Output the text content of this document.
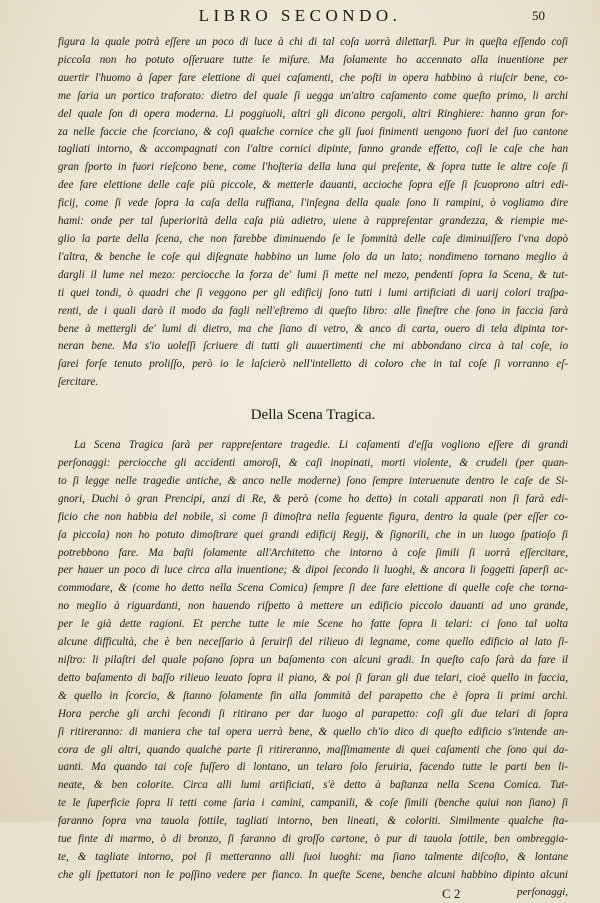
LIBRO SECONDO.	50
figura la quale potrà eſſere un poco di luce à chi di tal coſa uorrà dilettarſi. Pur in queſta eſſendo coſi
piccola non ho potuto oſſeruare tutte le miſure. Ma ſolamente ho accennato alla inuentione per
auertir l'huomo à ſaper fare elettione di quei caſamenti, che poſti in opera habbino à riuſcir bene, co-
me ſaria un portico traforato: dietro del quale ſi uegga un'altro caſamento come queſto primo, li archi
del quale ſon di opera moderna. Li poggiuoli, altri gli dicono pergoli, altri Ringhiere: hanno gran for-
za nelle faccie che ſcorciano, & coſi qualche cornice che gli ſuoi finimenti uengono fuori del ſuo cantone
tagliati intorno, & accompagnati con l'altre cornici dipinte, fanno grande effetto, coſi le caſe che han
gran ſporto in fuori rieſcono bene, come l'hoſteria della luna qui preſente, & ſopra tutte le altre coſe ſi
dee fare elettione delle caſe più piccole, & metterle dauanti, accioche ſopra eſſe ſi ſcuoprono altri edi-
ficij, come ſi vede ſopra la caſa della ruffiana, l'inſegna della quale ſono li rampini, ò vogliamo dire
hami: onde per tal ſuperiorità della caſa più adietro, uiene à rappreſentar grandezza, & riempie me-
glio la parte della ſcena, che non farebbe diminuendo ſe le ſommità delle caſe diminuiſſero l'vna dopò
l'altra, & benche le coſe qui diſegnate habbino un lume ſolo da un lato; nondimeno tornano meglio à
dargli il lume nel mezo: perciocche la forza de' lumi ſi mette nel mezo, pendenti ſopra la Scena, & tut-
ti quei tondi, ò quadri che ſi veggono per gli edificij ſono tutti i lumi artificiati di uarij colori traſpa-
renti, de i quali darò il modo da fagli nell'eſtremo di queſto libro: alle fineſtre che ſono in faccia ſarà
bene à mettergli de' lumi di dietro, ma che ſiano di vetro, & anco di carta, ouero di tela dipinta tor-
neran bene. Ma s'io uoleſſi ſcriuere di tutti gli auuertimenti che mi abbondano circa à tal coſe, io
ſarei forſe tenuto proliſſo, però io le laſcierò nell'intelletto di coloro che in tal coſe ſi vorranno eſ-
ſercitare.
Della Scena Tragica.
La Scena Tragica ſarà per rappreſentare tragedie. Li caſamenti d'eſſa vogliono eſſere di grandi
perſonaggi: perciocche gli accidenti amoroſi, & caſi inopinati, morti violente, & crudeli (per quan-
to ſi legge nelle tragedie antiche, & anco nelle moderne) ſono ſempre interuenute dentro le caſe de Si-
gnori, Duchi ò gran Prencipi, anzi di Re, & però (come ho detto) in cotali apparati non ſi farà edi-
ficio che non habbia del nobile, sì come ſi dimoſtra nella ſeguente figura, dentro la quale (per eſſer co-
ſa piccola) non ho potuto dimoſtrare quei grandi edificij Regij, & ſignorili, che in un luogo ſpatioſo ſi
potrebbono fare. Ma baſti ſolamente all'Architetto che intorno à coſe ſimili ſi uorrà eſſercitare,
per hauer un poco di luce circa alla inuentione; & dipoi ſecondo li luoghi, & ancora li ſoggetti ſaperſi ac-
commodare, & (come ho detto nella Scena Comica) ſempre ſi dee fare elettione di quelle coſe che torna-
no meglio à riguardanti, non hauendo riſpetto à mettere un edificio piccolo dauanti ad uno grande,
per le già dette ragioni. Et perche tutte le mie Scene ho fatte ſopra li telari: ci ſono tal uolta
alcune difficultà, che è ben neceſſario à ſeruirſi del rilieuo di legname, come quello edificio al lato ſi-
niſtro: li pilaſtri del quale poſano ſopra un baſamento con alcuni gradi. In queſto caſo ſarà da fare il
detto baſamento di baſſo rilieuo leuato ſopra il piano, & poi ſi faran gli due telari, cioè quello in faccia,
& quello in ſcorcio, & ſtanno ſolamente fin alla ſommità del parapetto che è ſopra li primi archi.
Hora perche gli archi ſecondi ſi ritirano per dar luogo al parapetto: coſi gli due telari di ſopra
ſi ritireranno: di maniera che tal opera uerrà bene, & quello ch'io dico di queſto edificio s'intende an-
cora de gli altri, quando qualche parte ſi ritireranno, maſſimamente di quei caſamenti che ſono qui da-
uanti. Ma quando tai coſe fuſſero di lontano, un telaro ſolo ſeruiria, facendo tutte le parti ben li-
neate, & ben colorite. Circa alli lumi artificiati, s'è detto à baſtanza nella Scena Comica. Tut-
te le ſuperficie ſopra li tetti come ſaria i camini, campanili, & coſe ſimili (benche quiui non ſiano) ſi
faranno ſopra vna tauola ſottile, tagliati intorno, ben lineati, & coloriti. Similmente qualche ſta-
tue finte di marmo, ò di bronzo, ſi faranno di groſſo cartone, ò pur di tauola ſottile, ben ombreggia-
te, & tagliate intorno, poi ſi metteranno alli ſuoi luoghi: ma ſiano talmente diſcoſto, & lontane
che gli ſpettatori non le poſſino vedere per fianco. In queſte Scene, benche alcuni habbino dipinto alcuni
C 2	perſonaggi,
